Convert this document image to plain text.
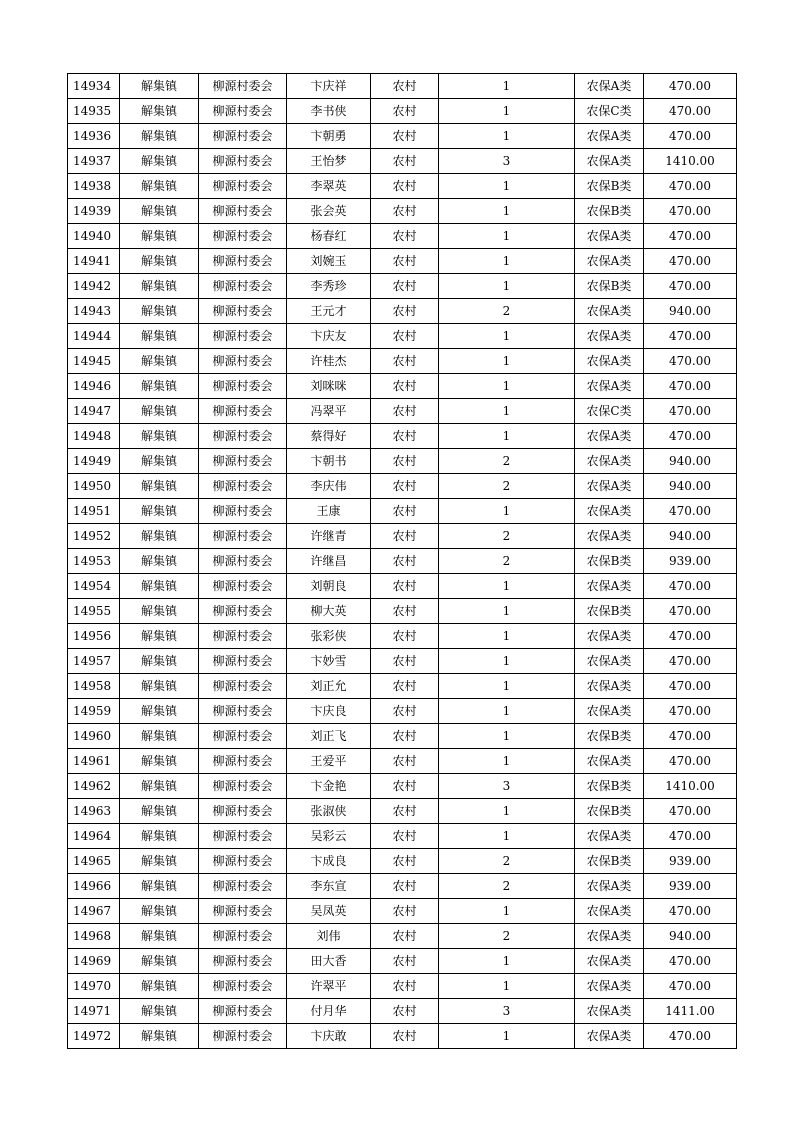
14934	解集镇	柳源村委会	卞庆祥	农村	1	农保A类	470.00
14935	解集镇	柳源村委会	李书侠	农村	1	农保C类	470.00
14936	解集镇	柳源村委会	卞朝勇	农村	1	农保A类	470.00
14937	解集镇	柳源村委会	王怡梦	农村	3	农保A类	1410.00
14938	解集镇	柳源村委会	李翠英	农村	1	农保B类	470.00
14939	解集镇	柳源村委会	张会英	农村	1	农保B类	470.00
14940	解集镇	柳源村委会	杨春红	农村	1	农保A类	470.00
14941	解集镇	柳源村委会	刘婉玉	农村	1	农保A类	470.00
14942	解集镇	柳源村委会	李秀珍	农村	1	农保B类	470.00
14943	解集镇	柳源村委会	王元才	农村	2	农保A类	940.00
14944	解集镇	柳源村委会	卞庆友	农村	1	农保A类	470.00
14945	解集镇	柳源村委会	许桂杰	农村	1	农保A类	470.00
14946	解集镇	柳源村委会	刘咪咪	农村	1	农保A类	470.00
14947	解集镇	柳源村委会	冯翠平	农村	1	农保C类	470.00
14948	解集镇	柳源村委会	蔡得好	农村	1	农保A类	470.00
14949	解集镇	柳源村委会	卞朝书	农村	2	农保A类	940.00
14950	解集镇	柳源村委会	李庆伟	农村	2	农保A类	940.00
14951	解集镇	柳源村委会	王康	农村	1	农保A类	470.00
14952	解集镇	柳源村委会	许继青	农村	2	农保A类	940.00
14953	解集镇	柳源村委会	许继昌	农村	2	农保B类	939.00
14954	解集镇	柳源村委会	刘朝良	农村	1	农保A类	470.00
14955	解集镇	柳源村委会	柳大英	农村	1	农保B类	470.00
14956	解集镇	柳源村委会	张彩侠	农村	1	农保A类	470.00
14957	解集镇	柳源村委会	卞妙雪	农村	1	农保A类	470.00
14958	解集镇	柳源村委会	刘正允	农村	1	农保A类	470.00
14959	解集镇	柳源村委会	卞庆良	农村	1	农保A类	470.00
14960	解集镇	柳源村委会	刘正飞	农村	1	农保B类	470.00
14961	解集镇	柳源村委会	王爱平	农村	1	农保A类	470.00
14962	解集镇	柳源村委会	卞金艳	农村	3	农保B类	1410.00
14963	解集镇	柳源村委会	张淑侠	农村	1	农保B类	470.00
14964	解集镇	柳源村委会	吴彩云	农村	1	农保A类	470.00
14965	解集镇	柳源村委会	卞成良	农村	2	农保B类	939.00
14966	解集镇	柳源村委会	李东宣	农村	2	农保A类	939.00
14967	解集镇	柳源村委会	吴凤英	农村	1	农保A类	470.00
14968	解集镇	柳源村委会	刘伟	农村	2	农保A类	940.00
14969	解集镇	柳源村委会	田大香	农村	1	农保A类	470.00
14970	解集镇	柳源村委会	许翠平	农村	1	农保A类	470.00
14971	解集镇	柳源村委会	付月华	农村	3	农保A类	1411.00
14972	解集镇	柳源村委会	卞庆敢	农村	1	农保A类	470.00
